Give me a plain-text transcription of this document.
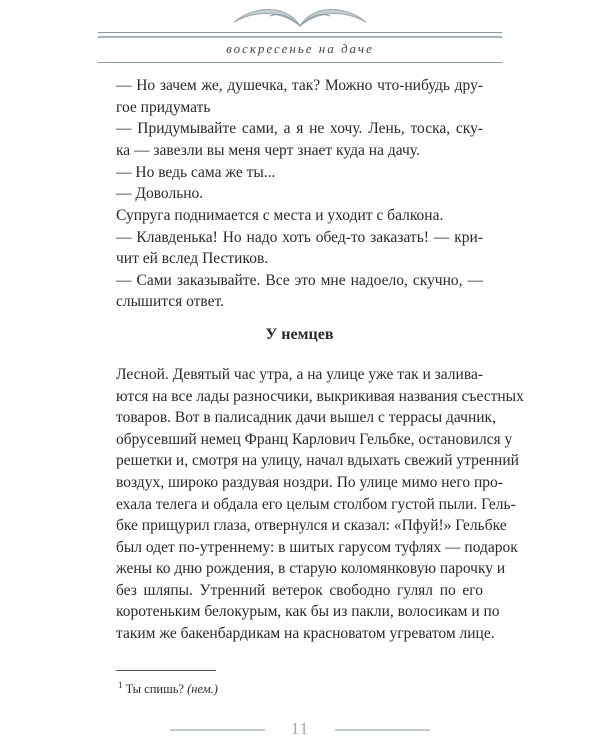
воскресенье на даче
— Но зачем же, душечка, так? Можно что-нибудь дру-
гое придумать
— Придумывайте сами, а я не хочу. Лень, тоска, ску-
ка — завезли вы меня черт знает куда на дачу.
— Но ведь сама же ты...
— Довольно.
Супруга поднимается с места и уходит с балкона.
— Клавденька! Но надо хоть обед-то заказать! — кри-
чит ей вслед Пестиков.
— Сами заказывайте. Все это мне надоело, скучно, —
слышится ответ.
У немцев
Лесной. Девятый час утра, а на улице уже так и залива-
ются на все лады разносчики, выкрикивая названия съестных
товаров. Вот в палисадник дачи вышел с террасы дачник,
обрусевший немец Франц Карлович Гельбке, остановился у
решетки и, смотря на улицу, начал вдыхать свежий утренний
воздух, широко раздувая ноздри. По улице мимо него про-
ехала телега и обдала его целым столбом густой пыли. Гель-
бке прищурил глаза, отвернулся и сказал: «Пфуй!» Гельбке
был одет по-утреннему: в шитых гарусом туфлях — подарок
жены ко дню рождения, в старую коломянковую парочку и
без шляпы. Утренний ветерок свободно гулял по его
коротеньким белокурым, как бы из пакли, волосикам и по
таким же бакенбардикам на красноватом угреватом лице.
$^1$ Ты спишь? (нем.)
11
